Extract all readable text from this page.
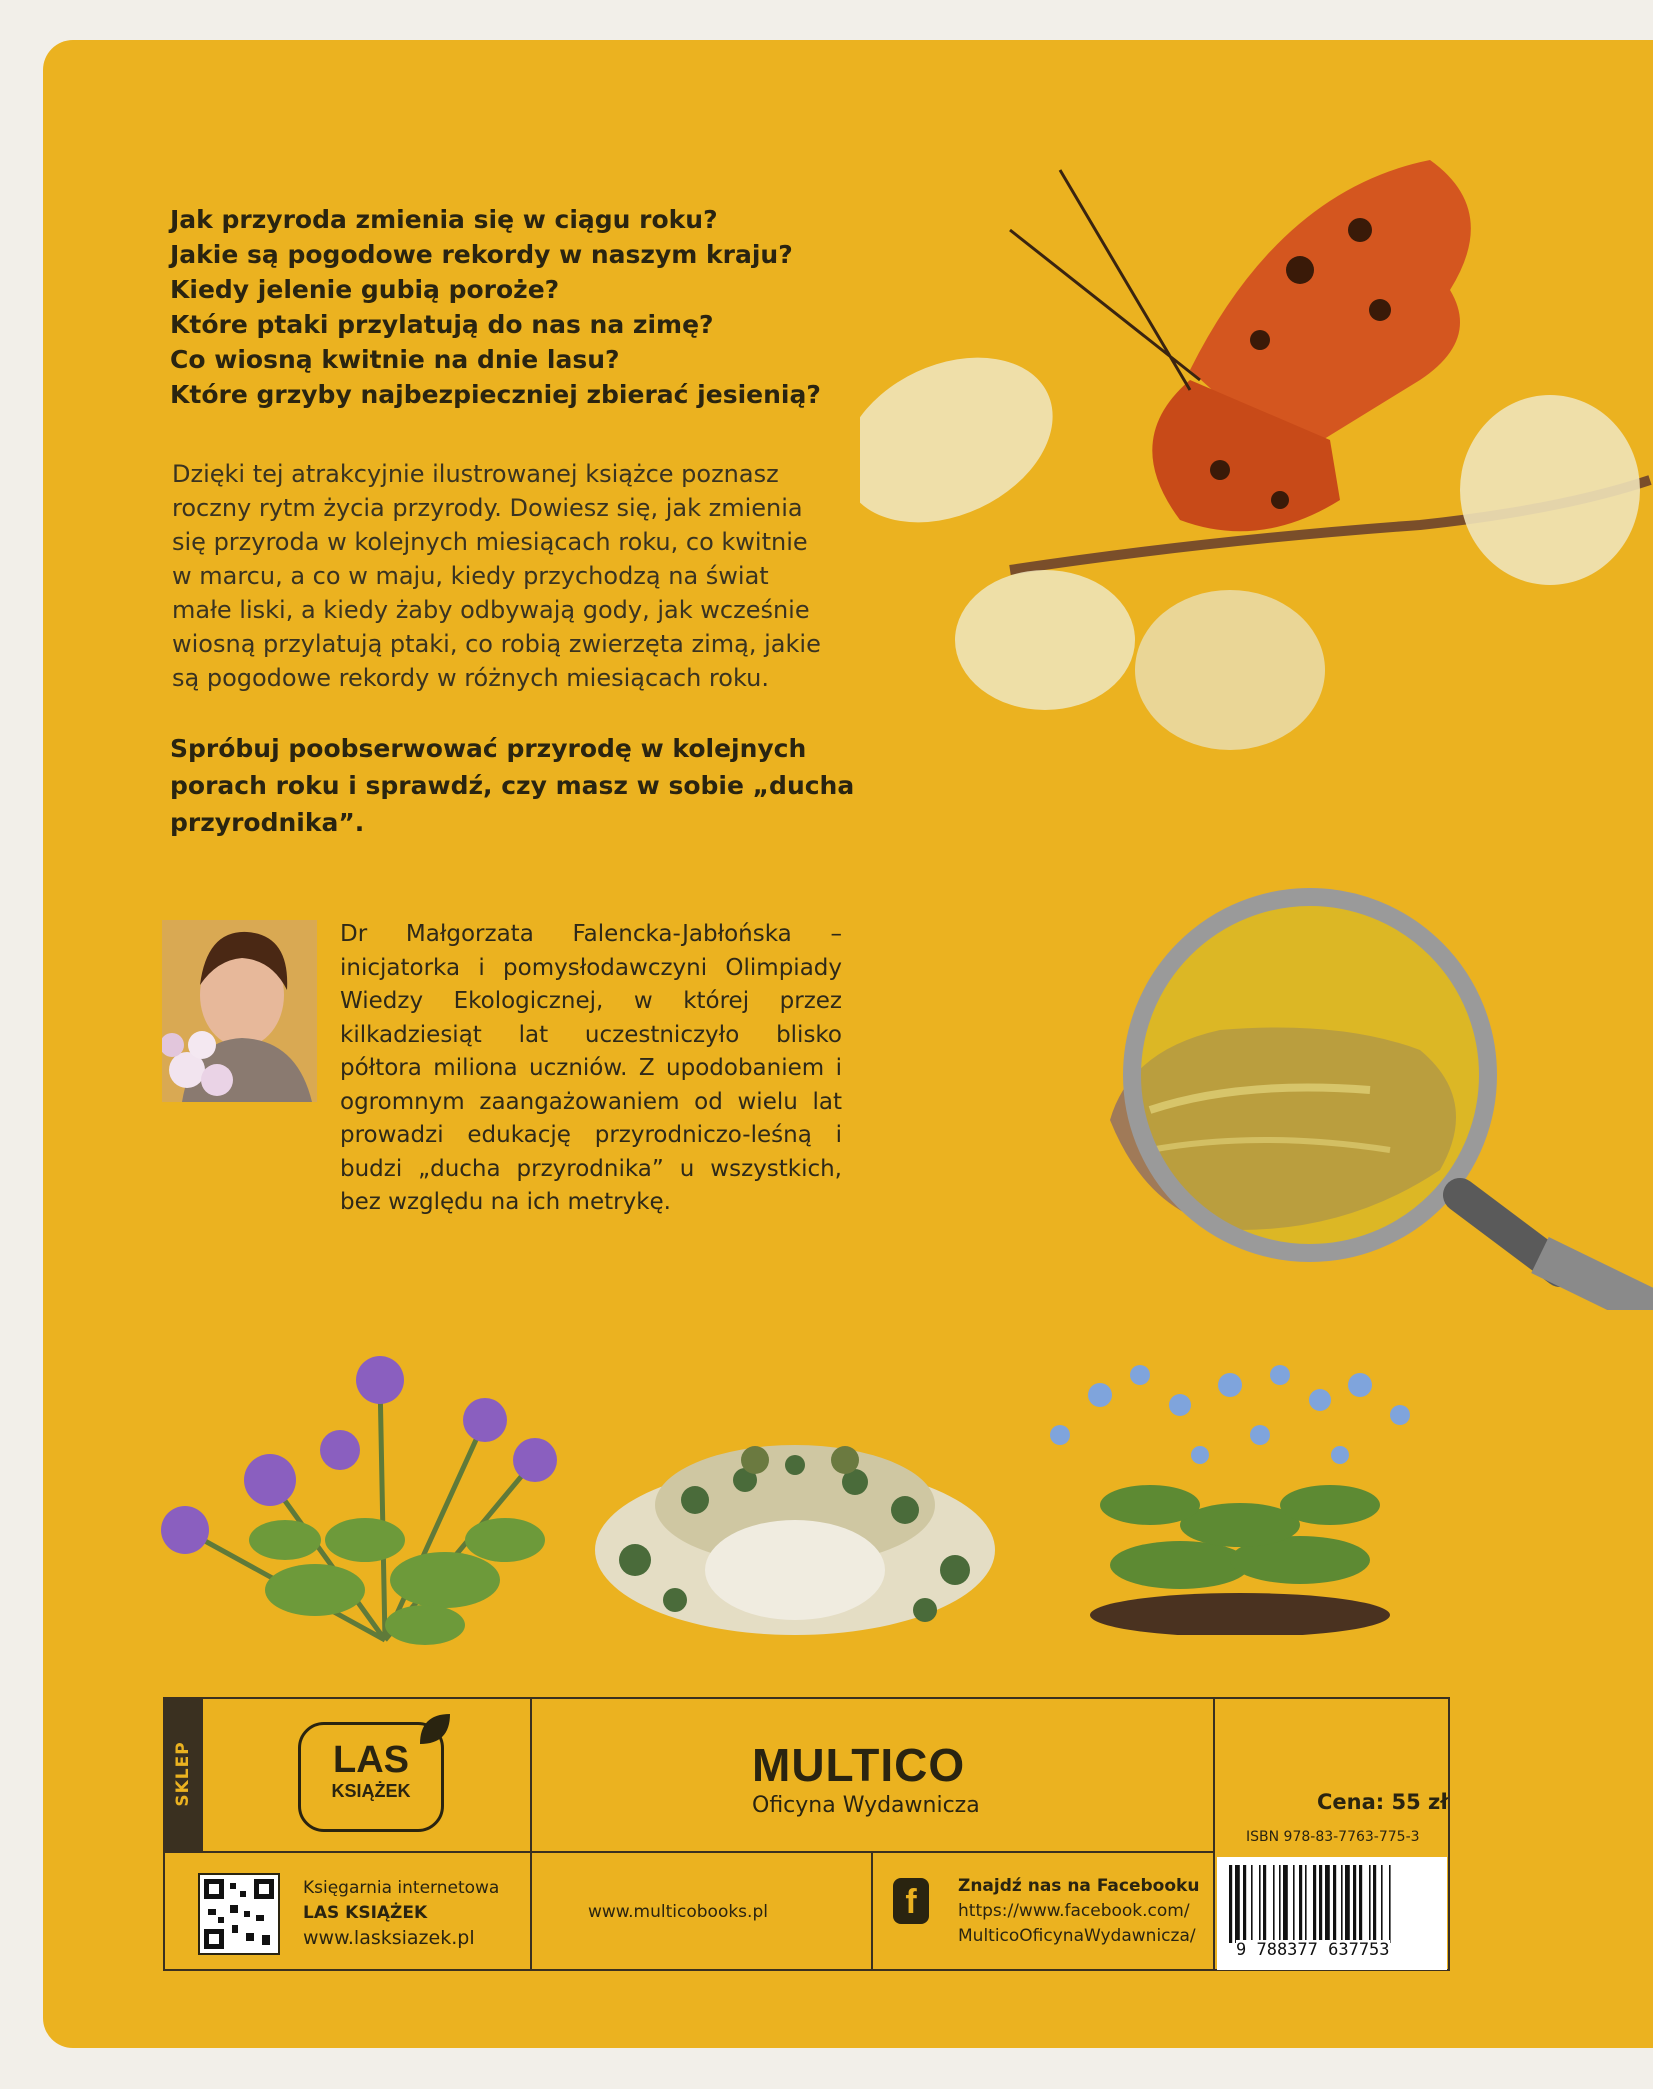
Jak przyroda zmienia się w ciągu roku?
Jakie są pogodowe rekordy w naszym kraju?
Kiedy jelenie gubią poroże?
Które ptaki przylatują do nas na zimę?
Co wiosną kwitnie na dnie lasu?
Które grzyby najbezpieczniej zbierać jesienią?

Dzięki tej atrakcyjnie ilustrowanej książce poznasz roczny rytm życia przyrody. Dowiesz się, jak zmienia się przyroda w kolejnych miesiącach roku, co kwitnie w marcu, a co w maju, kiedy przychodzą na świat małe liski, a kiedy żaby odbywają gody, jak wcześnie wiosną przylatują ptaki, co robią zwierzęta zimą, jakie są pogodowe rekordy w różnych miesiącach roku.

Spróbuj poobserwować przyrodę w kolejnych porach roku i sprawdź, czy masz w sobie „ducha przyrodnika”.

Dr Małgorzata Falencka-Jabłońska – inicjatorka i pomysłodawczyni Olimpiady Wiedzy Ekologicznej, w której przez kilkadziesiąt lat uczestniczyło blisko półtora miliona uczniów. Z upodobaniem i ogromnym zaangażowaniem od wielu lat prowadzi edukację przyrodniczo-leśną i budzi „ducha przyrodnika” u wszystkich, bez względu na ich metrykę.

SKLEP	LAS
KSIĄŻEK
Księgarnia internetowa
LAS KSIĄŻEK
www.lasksiazek.pl
MULTICO
Oficyna Wydawnicza
www.multicobooks.pl	f	Znajdź nas na Facebooku
https://www.facebook.com/
MulticoOficynaWydawnicza/
Cena: 55 zł
ISBN 978-83-7763-775-3
9 788377 637753
